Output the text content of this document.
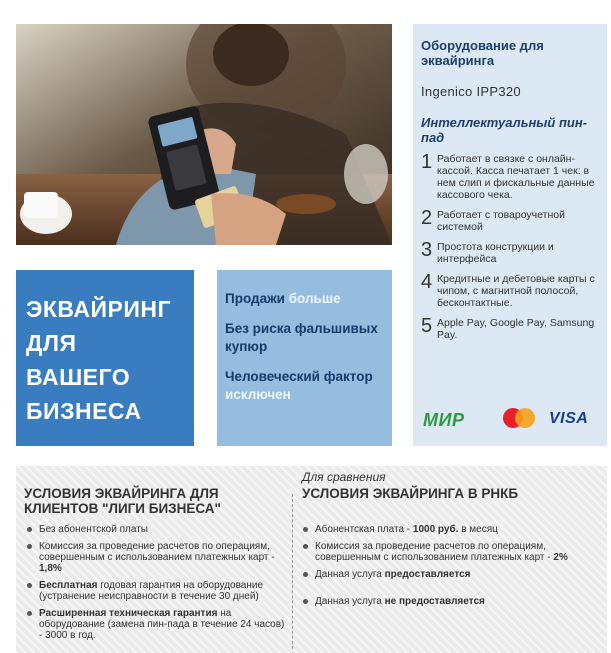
ЭКВАЙРИНГ
ДЛЯ
ВАШЕГО
БИЗНЕСА
Продажи больше
Без риска фальшивых купюр
Человеческий фактор исключен
Оборудование для эквайринга
Ingenico IPP320
Интеллектуальный пин-пад
1 Работает в связке с онлайн-кассой. Касса печатает 1 чек: в нем слип и фискальные данные кассового чека.
2 Работает с товароучетной системой
3 Простота конструкции и интерфейса
4 Кредитные и дебетовые карты с чипом, с магнитной полосой, бесконтактные.
5 Apple Pay, Google Pay, Samsung Pay.
МИР	VISA
УСЛОВИЯ ЭКВАЙРИНГА ДЛЯ КЛИЕНТОВ "ЛИГИ БИЗНЕСА"
Без абонентской платы
Комиссия за проведение расчетов по операциям, совершенным с использованием платежных карт - 1,8%
Бесплатная годовая гарантия на оборудование (устранение неисправности в течение 30 дней)
Расширенная техническая гарантия на оборудование (замена пин-пада в течение 24 часов) - 3000 в год.
Для сравнения
УСЛОВИЯ ЭКВАЙРИНГА В РНКБ
Абонентская плата - 1000 руб. в месяц
Комиссия за проведение расчетов по операциям, совершенным с использованием платежных карт - 2%
Данная услуга предоставляется
Данная услуга не предоставляется
